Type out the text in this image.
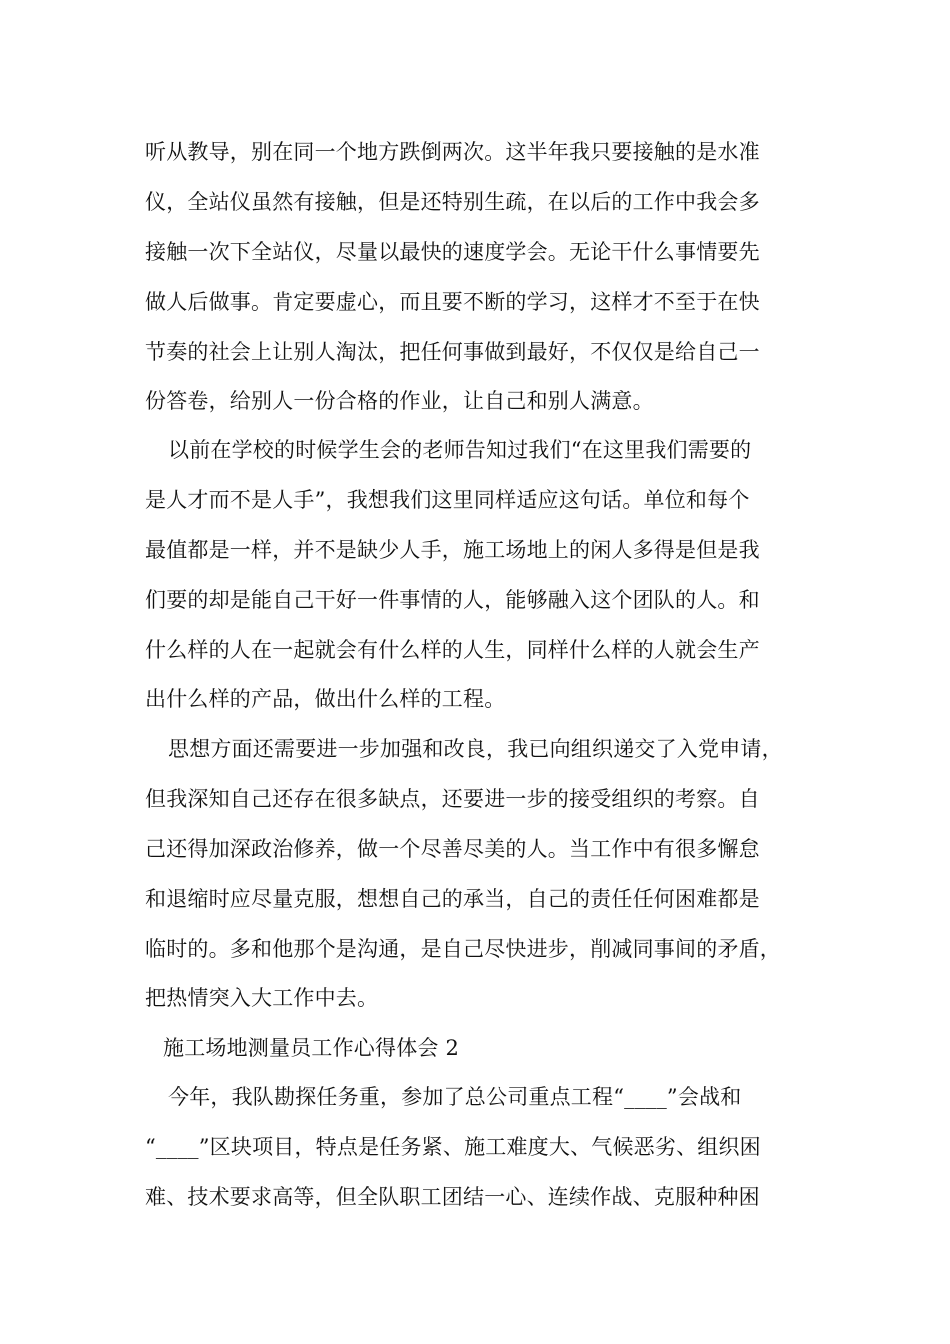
听从教导，别在同一个地方跌倒两次。这半年我只要接触的是水准
仪，全站仪虽然有接触，但是还特别生疏，在以后的工作中我会多
接触一次下全站仪，尽量以最快的速度学会。无论干什么事情要先
做人后做事。肯定要虚心，而且要不断的学习，这样才不至于在快
节奏的社会上让别人淘汰，把任何事做到最好，不仅仅是给自己一
份答卷，给别人一份合格的作业，让自己和别人满意。
以前在学校的时候学生会的老师告知过我们“在这里我们需要的
是人才而不是人手”，我想我们这里同样适应这句话。单位和每个
最值都是一样，并不是缺少人手，施工场地上的闲人多得是但是我
们要的却是能自己干好一件事情的人，能够融入这个团队的人。和
什么样的人在一起就会有什么样的人生，同样什么样的人就会生产
出什么样的产品，做出什么样的工程。
思想方面还需要进一步加强和改良，我已向组织递交了入党申请，
但我深知自己还存在很多缺点，还要进一步的接受组织的考察。自
己还得加深政治修养，做一个尽善尽美的人。当工作中有很多懈怠
和退缩时应尽量克服，想想自己的承当，自己的责任任何困难都是
临时的。多和他那个是沟通，是自己尽快进步，削减同事间的矛盾，
把热情突入大工作中去。
施工场地测量员工作心得体会 2
今年，我队勘探任务重，参加了总公司重点工程“____”会战和
“____”区块项目，特点是任务紧、施工难度大、气候恶劣、组织困
难、技术要求高等，但全队职工团结一心、连续作战、克服种种困
